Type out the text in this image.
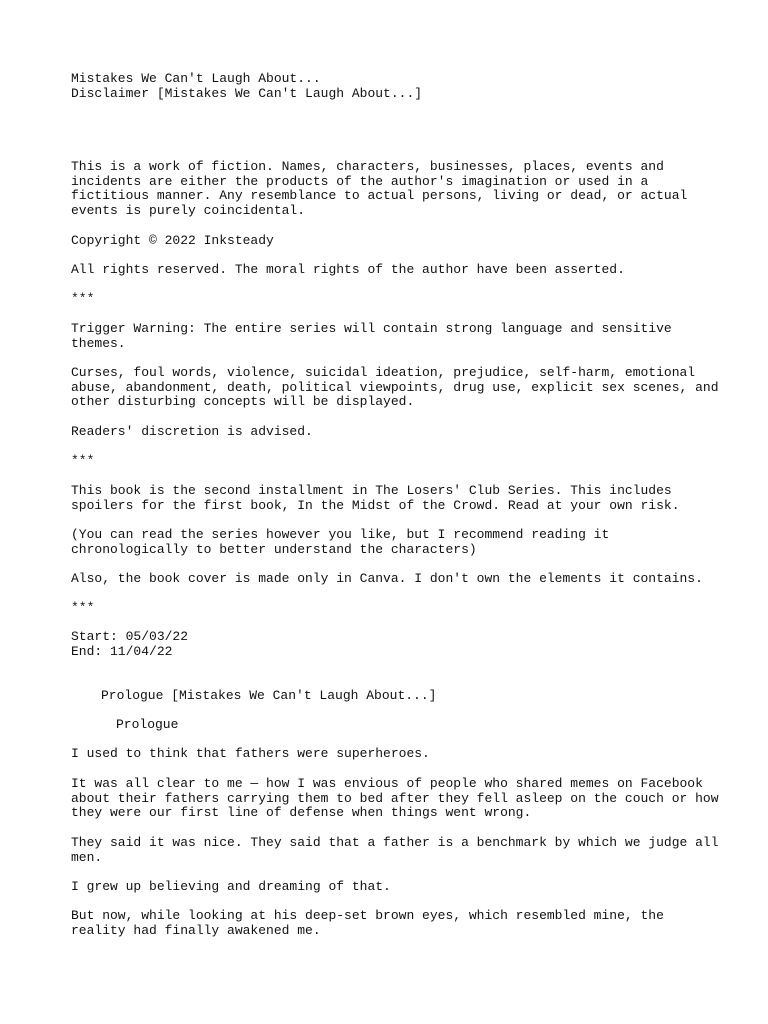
Mistakes We Can't Laugh About...

Disclaimer [Mistakes We Can't Laugh About...]

This is a work of fiction. Names, characters, businesses, places, events and
incidents are either the products of the author's imagination or used in a
fictitious manner. Any resemblance to actual persons, living or dead, or actual
events is purely coincidental.

Copyright © 2022 Inksteady

All rights reserved. The moral rights of the author have been asserted.

***

Trigger Warning: The entire series will contain strong language and sensitive
themes.

Curses, foul words, violence, suicidal ideation, prejudice, self-harm, emotional
abuse, abandonment, death, political viewpoints, drug use, explicit sex scenes, and
other disturbing concepts will be displayed.

Readers' discretion is advised.

***

This book is the second installment in The Losers' Club Series. This includes
spoilers for the first book, In the Midst of the Crowd. Read at your own risk.

(You can read the series however you like, but I recommend reading it
chronologically to better understand the characters)

Also, the book cover is made only in Canva. I don't own the elements it contains.

***

Start: 05/03/22
End: 11/04/22

Prologue [Mistakes We Can't Laugh About...]

Prologue

I used to think that fathers were superheroes.

It was all clear to me — how I was envious of people who shared memes on Facebook
about their fathers carrying them to bed after they fell asleep on the couch or how
they were our first line of defense when things went wrong.

They said it was nice. They said that a father is a benchmark by which we judge all
men.

I grew up believing and dreaming of that.

But now, while looking at his deep-set brown eyes, which resembled mine, the
reality had finally awakened me.
